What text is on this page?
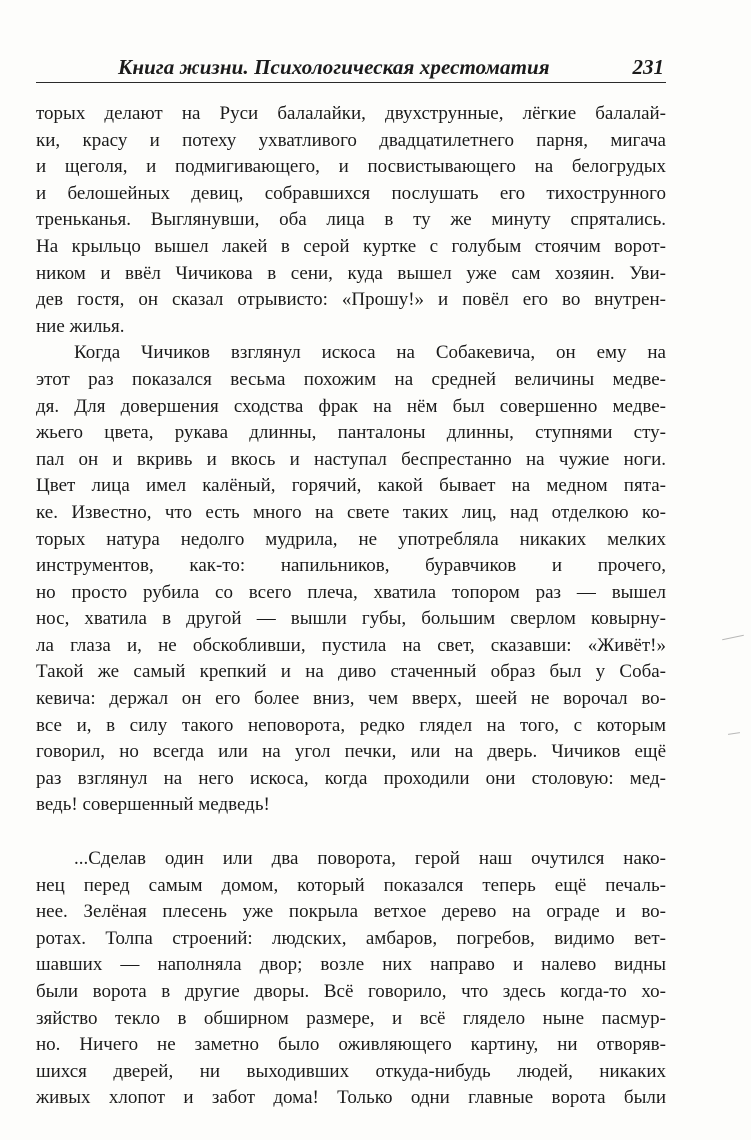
Книга жизни. Психологическая хрестоматия	231
торых делают на Руси балалайки, двухструнные, лёгкие балалай-
ки, красу и потеху ухватливого двадцатилетнего парня, мигача
и щеголя, и подмигивающего, и посвистывающего на белогрудых
и белошейных девиц, собравшихся послушать его тихострунного
треньканья. Выглянувши, оба лица в ту же минуту спрятались.
На крыльцо вышел лакей в серой куртке с голубым стоячим ворот-
ником и ввёл Чичикова в сени, куда вышел уже сам хозяин. Уви-
дев гостя, он сказал отрывисто: «Прошу!» и повёл его во внутрен-
ние жилья.
Когда Чичиков взглянул искоса на Собакевича, он ему на
этот раз показался весьма похожим на средней величины медве-
дя. Для довершения сходства фрак на нём был совершенно медве-
жьего цвета, рукава длинны, панталоны длинны, ступнями сту-
пал он и вкривь и вкось и наступал беспрестанно на чужие ноги.
Цвет лица имел калёный, горячий, какой бывает на медном пята-
ке. Известно, что есть много на свете таких лиц, над отделкою ко-
торых натура недолго мудрила, не употребляла никаких мелких
инструментов, как-то: напильников, буравчиков и прочего,
но просто рубила со всего плеча, хватила топором раз — вышел
нос, хватила в другой — вышли губы, большим сверлом ковырну-
ла глаза и, не обскобливши, пустила на свет, сказавши: «Живёт!»
Такой же самый крепкий и на диво стаченный образ был у Соба-
кевича: держал он его более вниз, чем вверх, шеей не ворочал во-
все и, в силу такого неповорота, редко глядел на того, с которым
говорил, но всегда или на угол печки, или на дверь. Чичиков ещё
раз взглянул на него искоса, когда проходили они столовую: мед-
ведь! совершенный медведь!
...Сделав один или два поворота, герой наш очутился нако-
нец перед самым домом, который показался теперь ещё печаль-
нее. Зелёная плесень уже покрыла ветхое дерево на ограде и во-
ротах. Толпа строений: людских, амбаров, погребов, видимо вет-
шавших — наполняла двор; возле них направо и налево видны
были ворота в другие дворы. Всё говорило, что здесь когда-то хо-
зяйство текло в обширном размере, и всё глядело ныне пасмур-
но. Ничего не заметно было оживляющего картину, ни отворяв-
шихся дверей, ни выходивших откуда-нибудь людей, никаких
живых хлопот и забот дома! Только одни главные ворота были
